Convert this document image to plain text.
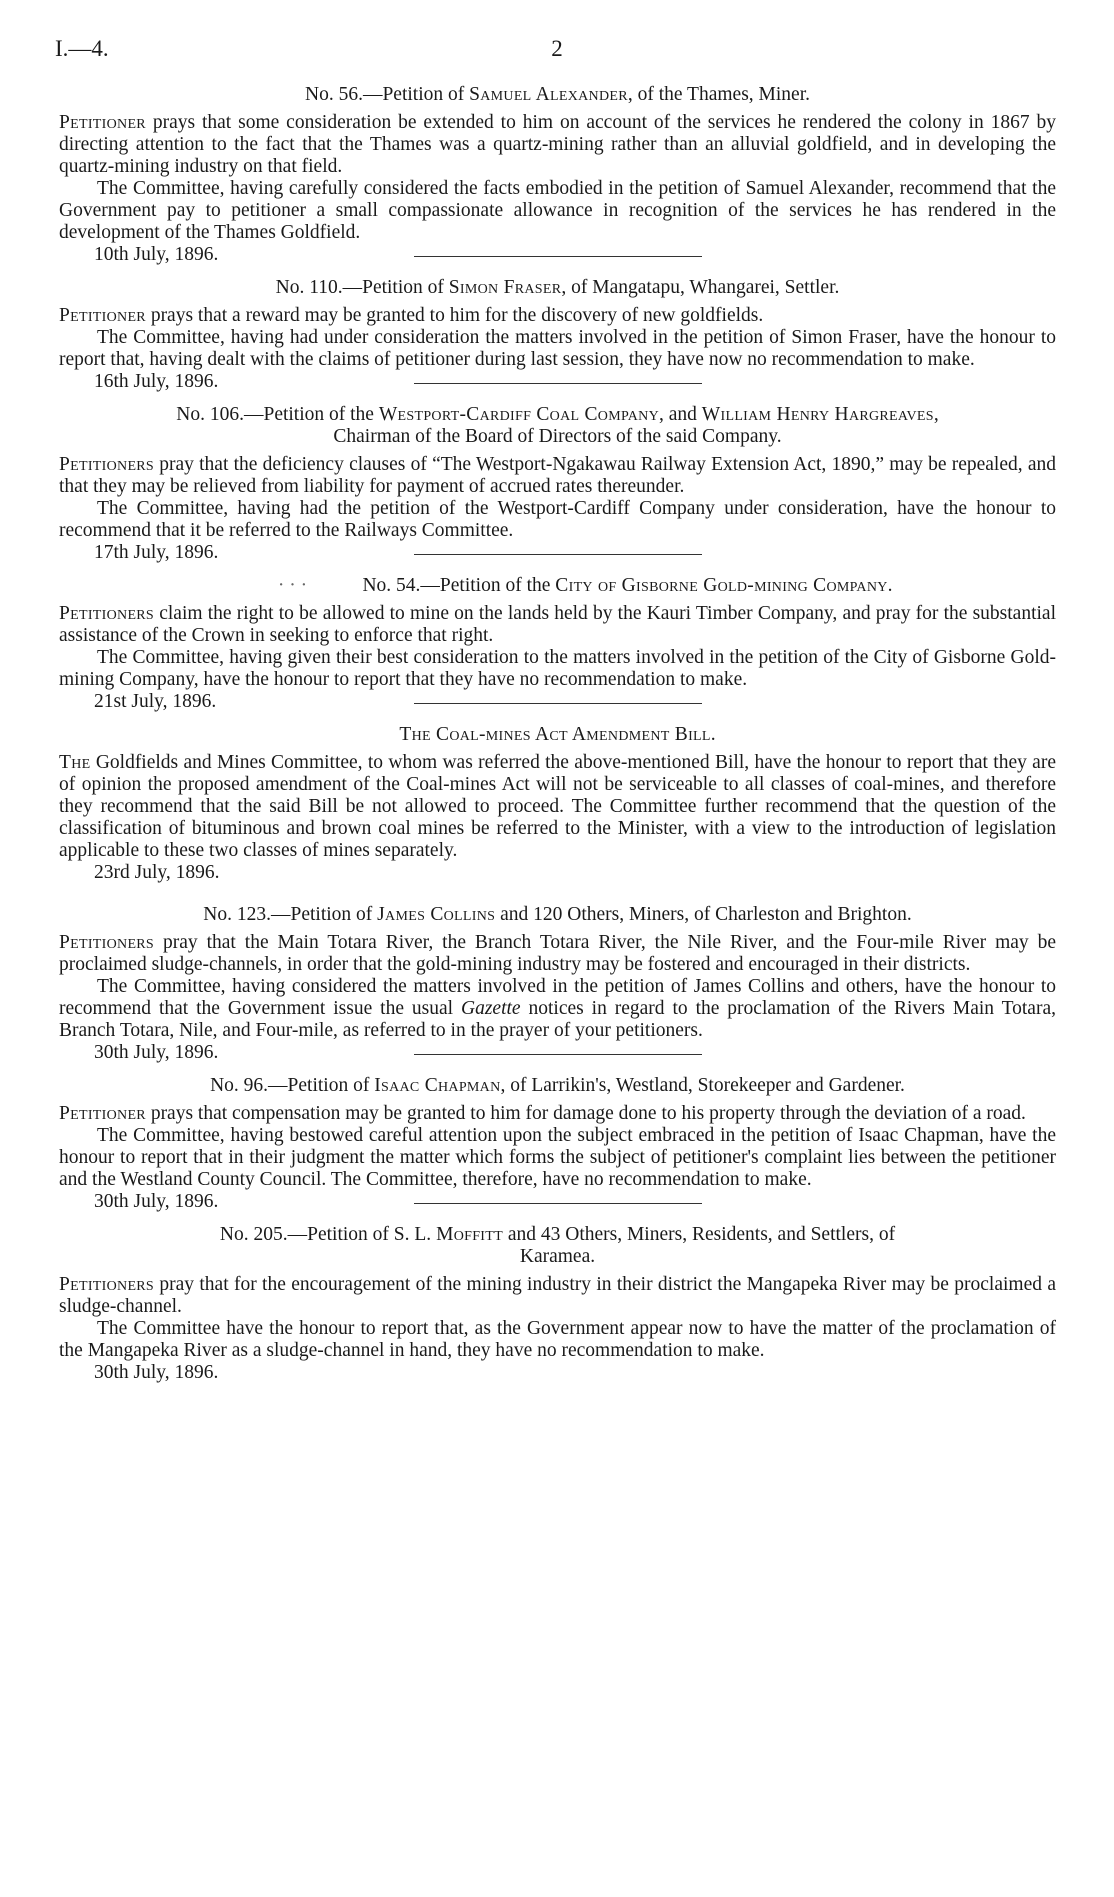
I.—4.	2

No. 56.—Petition of Samuel Alexander, of the Thames, Miner.

Petitioner prays that some consideration be extended to him on account of the services he rendered the colony in 1867 by directing attention to the fact that the Thames was a quartz-mining rather than an alluvial goldfield, and in developing the quartz-mining industry on that field.

The Committee, having carefully considered the facts embodied in the petition of Samuel Alexander, recommend that the Government pay to petitioner a small compassionate allowance in recognition of the services he has rendered in the development of the Thames Goldfield.

10th July, 1896.

No. 110.—Petition of Simon Fraser, of Mangatapu, Whangarei, Settler.

Petitioner prays that a reward may be granted to him for the discovery of new goldfields.

The Committee, having had under consideration the matters involved in the petition of Simon Fraser, have the honour to report that, having dealt with the claims of petitioner during last session, they have now no recommendation to make.

16th July, 1896.

No. 106.—Petition of the Westport-Cardiff Coal Company, and William Henry Hargreaves,

Chairman of the Board of Directors of the said Company.

Petitioners pray that the deficiency clauses of “The Westport-Ngakawau Railway Extension Act, 1890,” may be repealed, and that they may be relieved from liability for payment of accrued rates thereunder.

The Committee, having had the petition of the Westport-Cardiff Company under consideration, have the honour to recommend that it be referred to the Railways Committee.

17th July, 1896.

· · ·	No. 54.—Petition of the City of Gisborne Gold-mining Company.

Petitioners claim the right to be allowed to mine on the lands held by the Kauri Timber Company, and pray for the substantial assistance of the Crown in seeking to enforce that right.

The Committee, having given their best consideration to the matters involved in the petition of the City of Gisborne Gold-mining Company, have the honour to report that they have no recommendation to make.

21st July, 1896.

The Coal-mines Act Amendment Bill.

The Goldfields and Mines Committee, to whom was referred the above-mentioned Bill, have the honour to report that they are of opinion the proposed amendment of the Coal-mines Act will not be serviceable to all classes of coal-mines, and therefore they recommend that the said Bill be not allowed to proceed. The Committee further recommend that the question of the classification of bituminous and brown coal mines be referred to the Minister, with a view to the introduction of legislation applicable to these two classes of mines separately.

23rd July, 1896.

No. 123.—Petition of James Collins and 120 Others, Miners, of Charleston and Brighton.

Petitioners pray that the Main Totara River, the Branch Totara River, the Nile River, and the Four-mile River may be proclaimed sludge-channels, in order that the gold-mining industry may be fostered and encouraged in their districts.

The Committee, having considered the matters involved in the petition of James Collins and others, have the honour to recommend that the Government issue the usual Gazette notices in regard to the proclamation of the Rivers Main Totara, Branch Totara, Nile, and Four-mile, as referred to in the prayer of your petitioners.

30th July, 1896.

No. 96.—Petition of Isaac Chapman, of Larrikin's, Westland, Storekeeper and Gardener.

Petitioner prays that compensation may be granted to him for damage done to his property through the deviation of a road.

The Committee, having bestowed careful attention upon the subject embraced in the petition of Isaac Chapman, have the honour to report that in their judgment the matter which forms the subject of petitioner's complaint lies between the petitioner and the Westland County Council. The Committee, therefore, have no recommendation to make.

30th July, 1896.

No. 205.—Petition of S. L. Moffitt and 43 Others, Miners, Residents, and Settlers, of

Karamea.

Petitioners pray that for the encouragement of the mining industry in their district the Mangapeka River may be proclaimed a sludge-channel.

The Committee have the honour to report that, as the Government appear now to have the matter of the proclamation of the Mangapeka River as a sludge-channel in hand, they have no recommendation to make.

30th July, 1896.
